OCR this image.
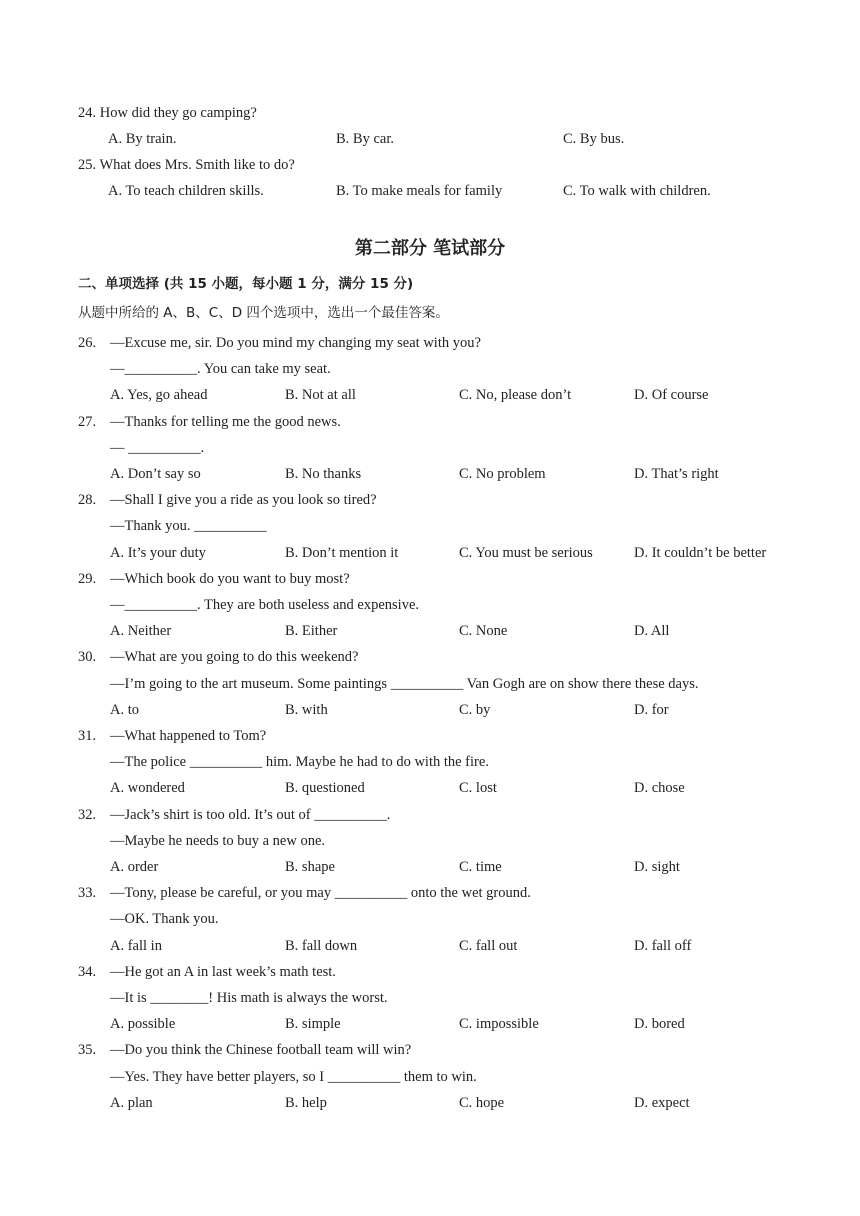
24. How did they go camping?
A. By train.	B. By car.	C. By bus.
25. What does Mrs. Smith like to do?
A. To teach children skills.	B. To make meals for family	C. To walk with children.
第二部分 笔试部分
二、单项选择 (共 15 小题，每小题 1 分，满分 15 分)
从题中所给的 A、B、C、D 四个选项中，选出一个最佳答案。
26. —Excuse me, sir. Do you mind my changing my seat with you?
—__________. You can take my seat.
A. Yes, go ahead	B. Not at all	C. No, please don’t	D. Of course
27. —Thanks for telling me the good news.
— __________.
A. Don’t say so	B. No thanks	C. No problem	D. That’s right
28. —Shall I give you a ride as you look so tired?
—Thank you. __________
A. It’s your duty	B. Don’t mention it	C. You must be serious	D. It couldn’t be better
29. —Which book do you want to buy most?
—__________. They are both useless and expensive.
A. Neither	B. Either	C. None	D. All
30. —What are you going to do this weekend?
—I’m going to the art museum. Some paintings __________ Van Gogh are on show there these days.
A. to	B. with	C. by	D. for
31. —What happened to Tom?
—The police __________ him. Maybe he had to do with the fire.
A. wondered	B. questioned	C. lost	D. chose
32. —Jack’s shirt is too old. It’s out of __________.
—Maybe he needs to buy a new one.
A. order	B. shape	C. time	D. sight
33. —Tony, please be careful, or you may __________ onto the wet ground.
—OK. Thank you.
A. fall in	B. fall down	C. fall out	D. fall off
34. —He got an A in last week’s math test.
—It is ________! His math is always the worst.
A. possible	B. simple	C. impossible	D. bored
35. —Do you think the Chinese football team will win?
—Yes. They have better players, so I __________ them to win.
A. plan	B. help	C. hope	D. expect
